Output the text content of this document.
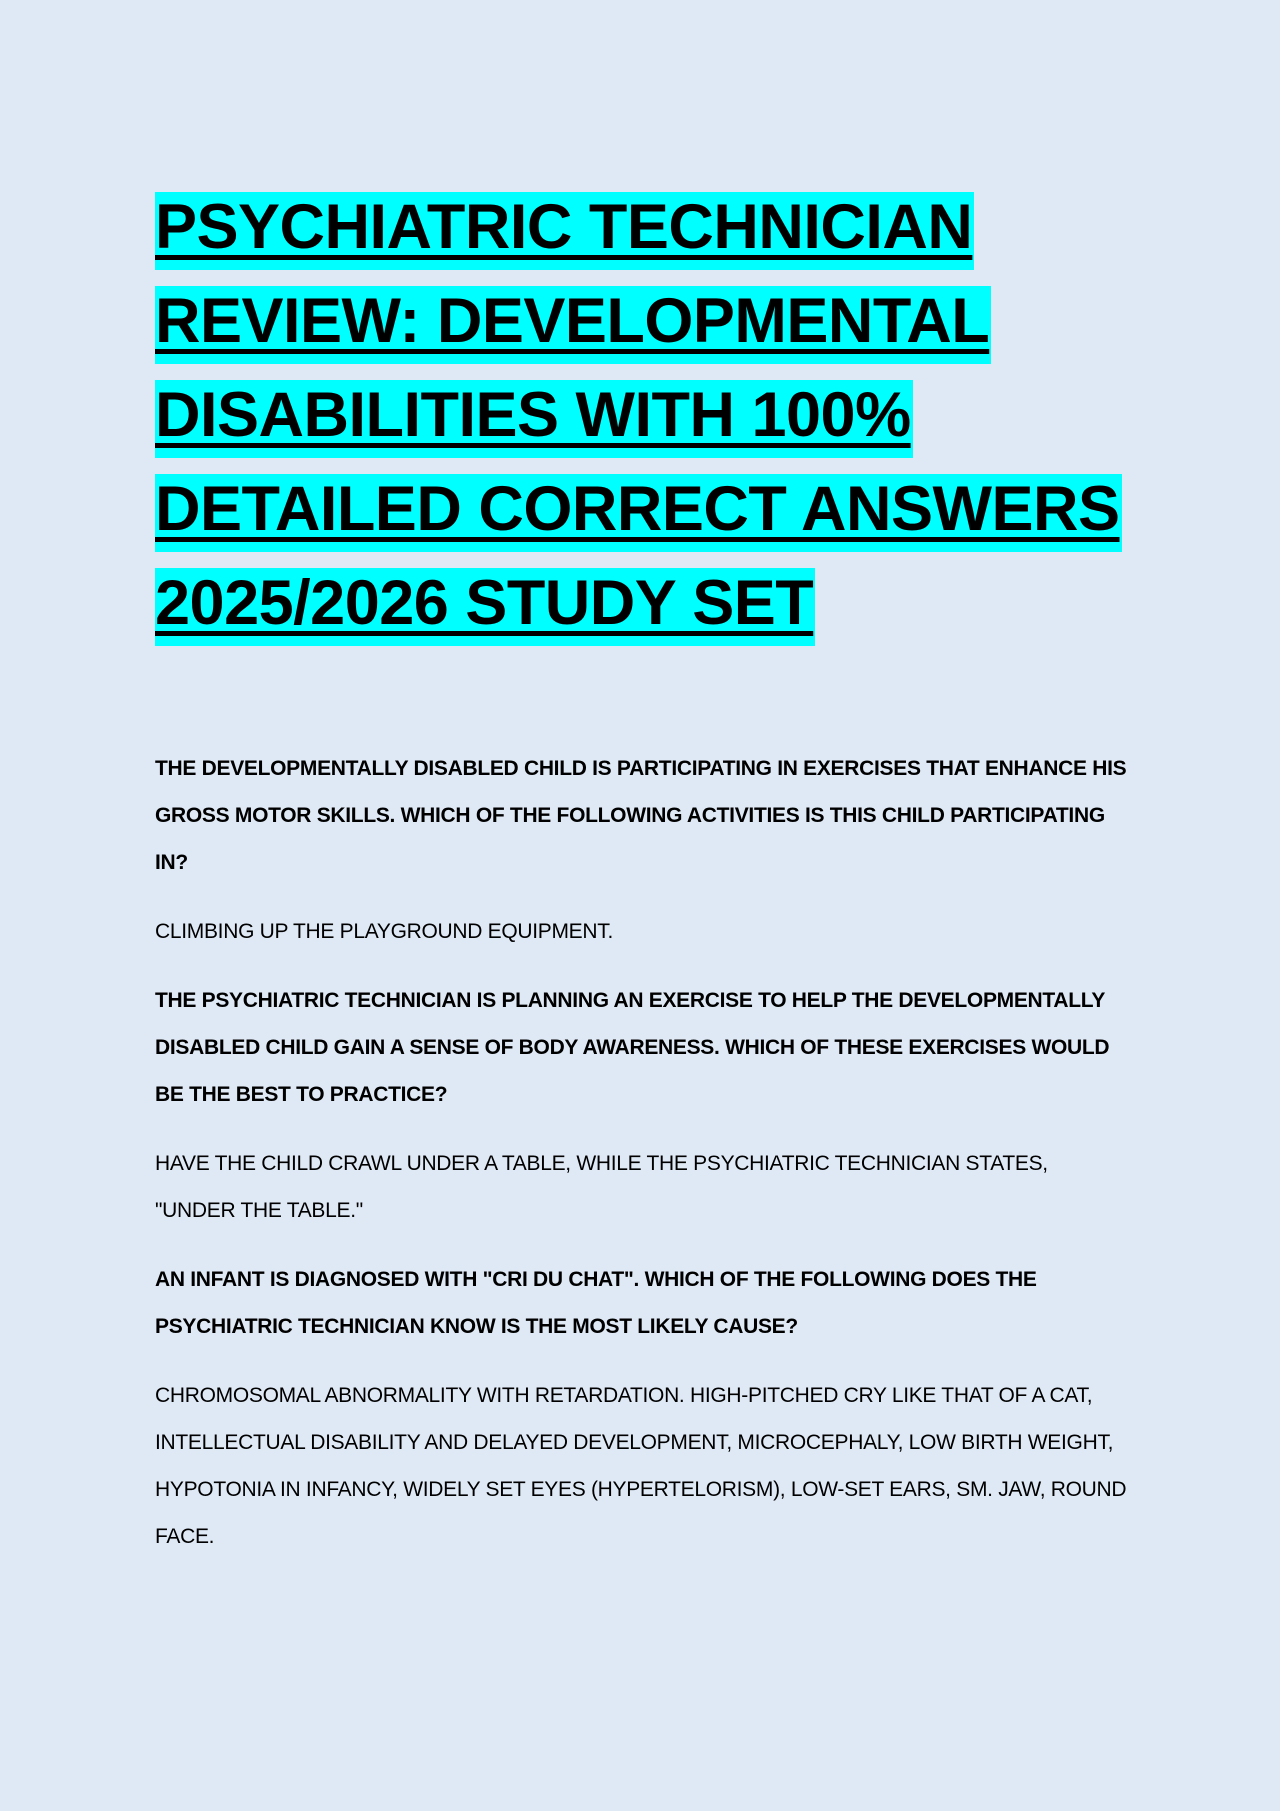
PSYCHIATRIC TECHNICIAN
REVIEW: DEVELOPMENTAL
DISABILITIES WITH 100%
DETAILED CORRECT ANSWERS
2025/2026 STUDY SET

THE DEVELOPMENTALLY DISABLED CHILD IS PARTICIPATING IN EXERCISES THAT ENHANCE HIS GROSS MOTOR SKILLS. WHICH OF THE FOLLOWING ACTIVITIES IS THIS CHILD PARTICIPATING IN?

CLIMBING UP THE PLAYGROUND EQUIPMENT.

THE PSYCHIATRIC TECHNICIAN IS PLANNING AN EXERCISE TO HELP THE DEVELOPMENTALLY DISABLED CHILD GAIN A SENSE OF BODY AWARENESS. WHICH OF THESE EXERCISES WOULD BE THE BEST TO PRACTICE?

HAVE THE CHILD CRAWL UNDER A TABLE, WHILE THE PSYCHIATRIC TECHNICIAN STATES, "UNDER THE TABLE."

AN INFANT IS DIAGNOSED WITH "CRI DU CHAT". WHICH OF THE FOLLOWING DOES THE PSYCHIATRIC TECHNICIAN KNOW IS THE MOST LIKELY CAUSE?

CHROMOSOMAL ABNORMALITY WITH RETARDATION. HIGH-PITCHED CRY LIKE THAT OF A CAT, INTELLECTUAL DISABILITY AND DELAYED DEVELOPMENT, MICROCEPHALY, LOW BIRTH WEIGHT, HYPOTONIA IN INFANCY, WIDELY SET EYES (HYPERTELORISM), LOW-SET EARS, SM. JAW, ROUND FACE.
